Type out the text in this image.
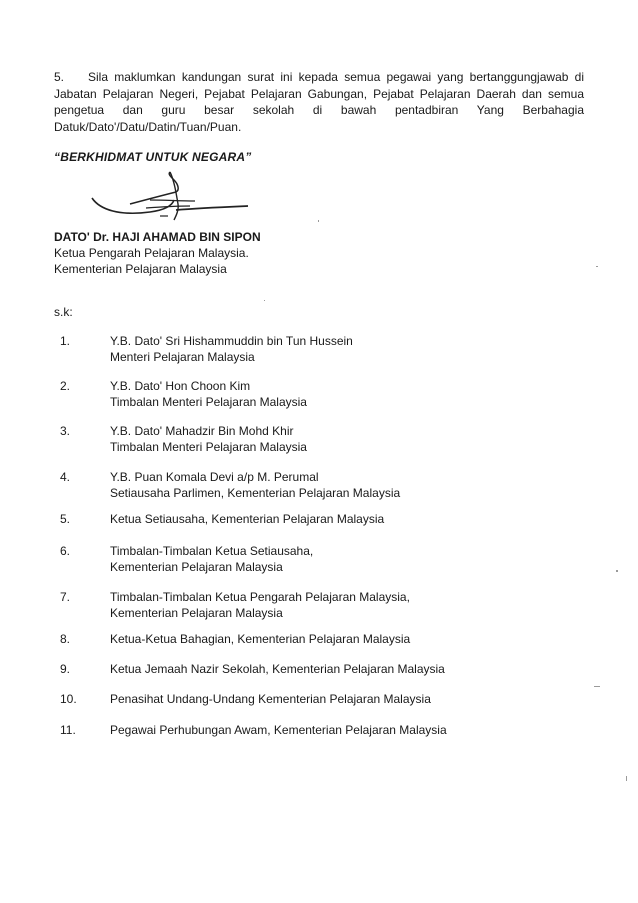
5. Sila maklumkan kandungan surat ini kepada semua pegawai yang bertanggungjawab di Jabatan Pelajaran Negeri, Pejabat Pelajaran Gabungan, Pejabat Pelajaran Daerah dan semua pengetua dan guru besar sekolah di bawah pentadbiran Yang Berbahagia Datuk/Dato'/Datu/Datin/Tuan/Puan.
“BERKHIDMAT UNTUK NEGARA”
DATO' Dr. HAJI AHAMAD BIN SIPON
Ketua Pengarah Pelajaran Malaysia.
Kementerian Pelajaran Malaysia
s.k:
1.	Y.B. Dato' Sri Hishammuddin bin Tun Hussein
Menteri Pelajaran Malaysia
2.	Y.B. Dato' Hon Choon Kim
Timbalan Menteri Pelajaran Malaysia
3.	Y.B. Dato' Mahadzir Bin Mohd Khir
Timbalan Menteri Pelajaran Malaysia
4.	Y.B. Puan Komala Devi a/p M. Perumal
Setiausaha Parlimen, Kementerian Pelajaran Malaysia
5.	Ketua Setiausaha, Kementerian Pelajaran Malaysia
6.	Timbalan-Timbalan Ketua Setiausaha,
Kementerian Pelajaran Malaysia
7.	Timbalan-Timbalan Ketua Pengarah Pelajaran Malaysia,
Kementerian Pelajaran Malaysia
8.	Ketua-Ketua Bahagian, Kementerian Pelajaran Malaysia
9.	Ketua Jemaah Nazir Sekolah, Kementerian Pelajaran Malaysia
10.	Penasihat Undang-Undang Kementerian Pelajaran Malaysia
11.	Pegawai Perhubungan Awam, Kementerian Pelajaran Malaysia
